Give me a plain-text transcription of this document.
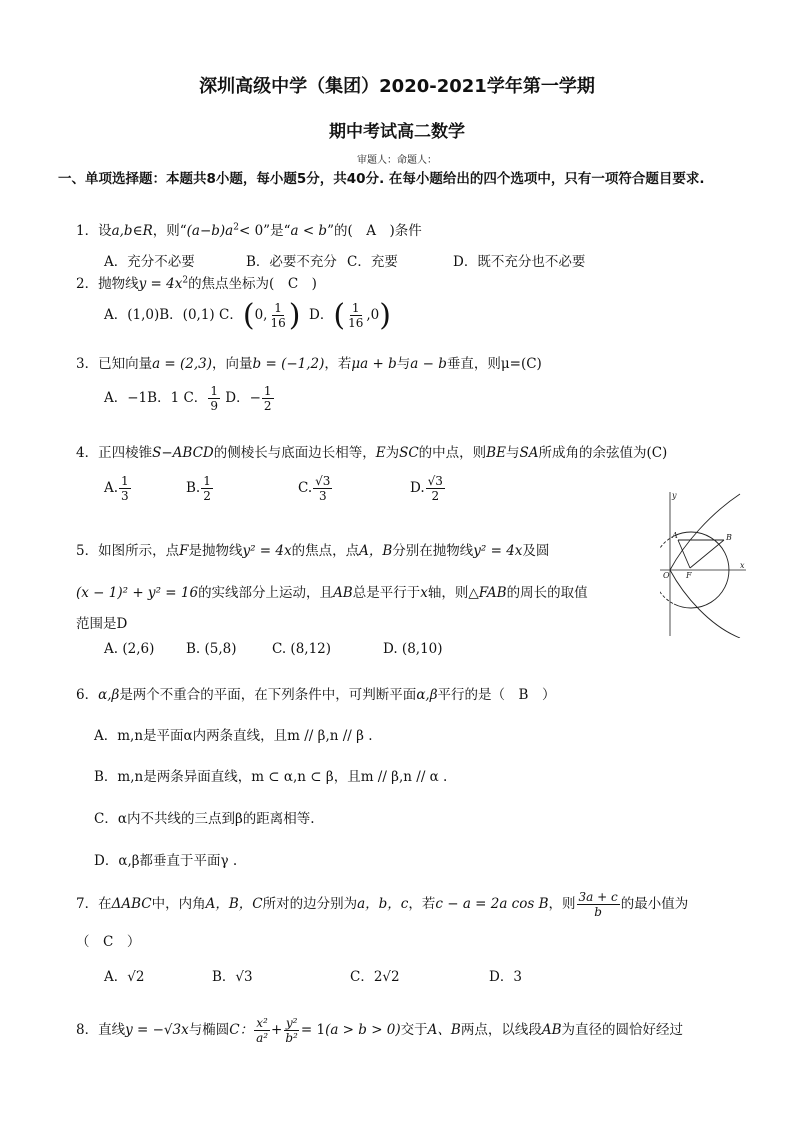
深圳高级中学（集团）2020-2021学年第一学期
期中考试高二数学
审题人：命题人：
一、单项选择题：本题共8小题，每小题5分，共40分. 在每小题给出的四个选项中，只有一项符合题目要求.
1．设a,b∈R，则“$(a-b)a^2< 0$”是“a < b”的(　A　)条件
A．充分不必要	B．必要不充分 C．充要	D．既不充分也不必要
2．抛物线$y = 4x^2$的焦点坐标为(　C　)
A．(1,0)B．(0,1) C．(0, $\frac{1}{16}$ ) D．( $\frac{1}{16} ,0$)
3．已知向量a = (2,3)，向量b = (−1,2)，若μa + b与a − b垂直，则μ=(C)
A．−1B．1 C． $\frac{1}{9}$ D．− $\frac{1}{2}$
4．正四棱锥S−ABCD的侧棱长与底面边长相等，E为SC的中点，则BE与SA所成角的余弦值为(C)
A. $\frac{1}{3}$	B. $\frac{1}{2}$	C. $\frac{√3}{3}$	D. $\frac{√3}{2}$
5．如图所示，点F是抛物线y² = 4x的焦点，点A，B分别在抛物线y² = 4x及圆
(x − 1)² + y² = 16的实线部分上运动，且AB总是平行于x轴，则△FAB的周长的取值
范围是D
A. (2,6) B. (5,8)	C. (8,12)	D. (8,10)
y
x
O F
A	B
6．α,β是两个不重合的平面，在下列条件中，可判断平面α,β平行的是（　B　）
A．m,n是平面α内两条直线，且m // β,n // β .
B．m,n是两条异面直线，m ⊂ α,n ⊂ β，且m // β,n // α .
C．α内不共线的三点到β的距离相等.
D．α,β都垂直于平面γ .
7．在ΔABC中，内角A，B，C所对的边分别为a，b，c，若c − a = 2a cos B，则 $\frac{3a + c}{b}$ 的最小值为
（　C　）
A．√2	B．√3	C．2√2	D．3
8．直线y = −√3x与椭圆C： $\frac{\text{x²}}{\text{a²}} + \frac{\text{y²}}{\text{b²}} = 1(a > b > 0)$交于A、B两点，以线段AB为直径的圆恰好经过
